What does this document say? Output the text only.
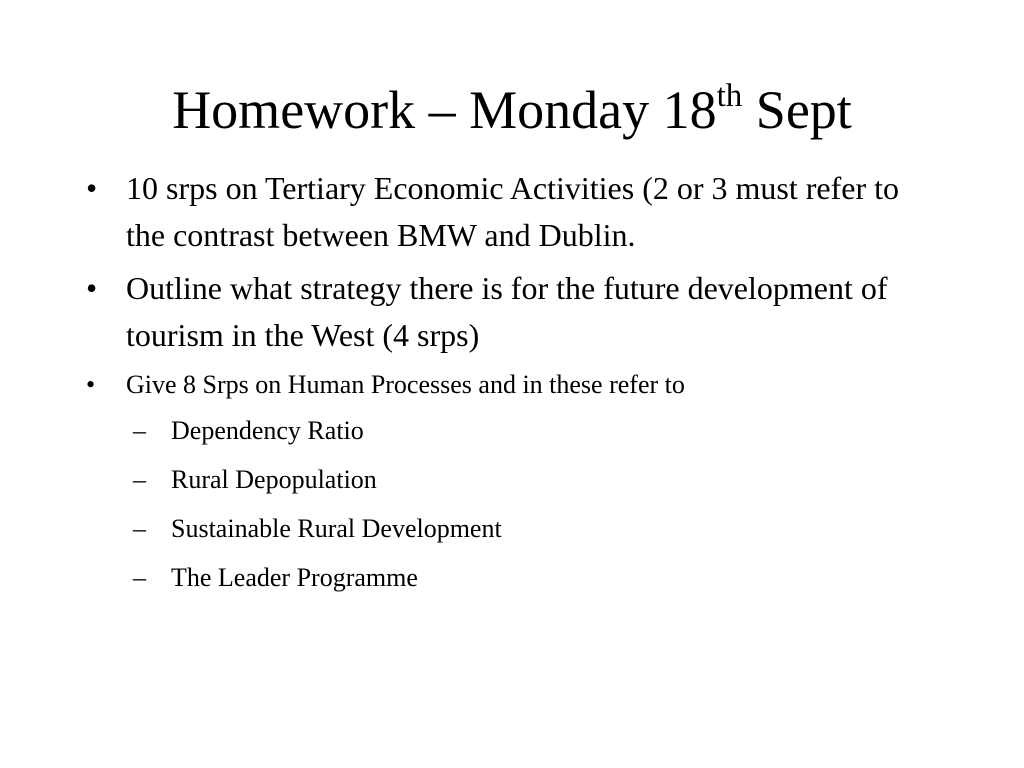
Homework – Monday 18th Sept
• 10 srps on Tertiary Economic Activities (2 or 3 must refer to the contrast between BMW and Dublin.
• Outline what strategy there is for the future development of tourism in the West (4 srps)
• Give 8 Srps on Human Processes and in these refer to
– Dependency Ratio
– Rural Depopulation
– Sustainable Rural Development
– The Leader Programme
